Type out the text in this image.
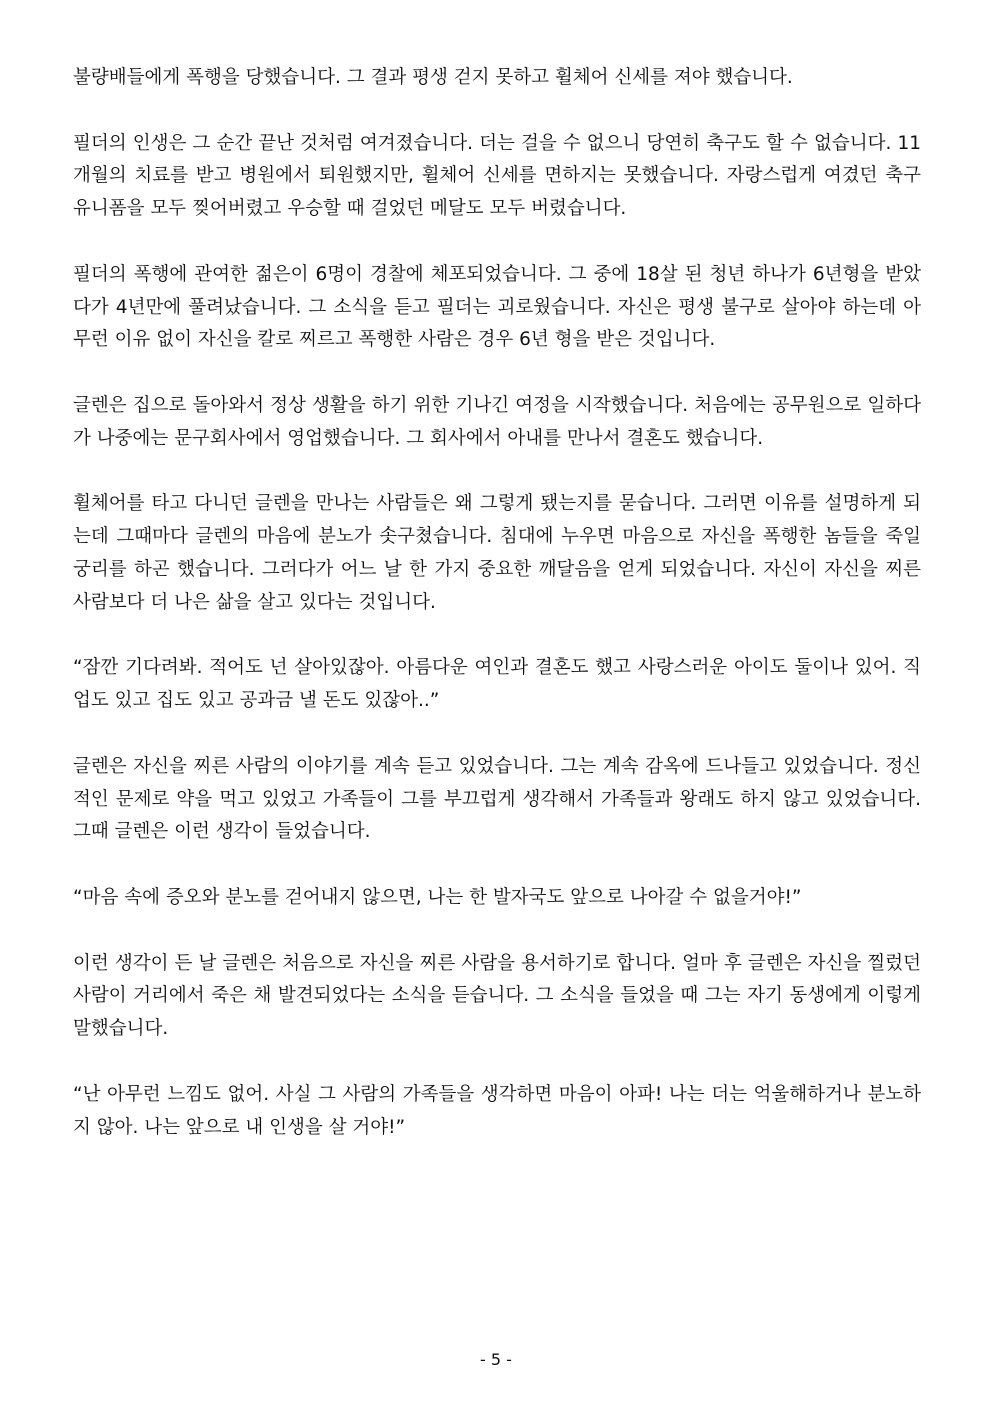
불량배들에게 폭행을 당했습니다. 그 결과 평생 걷지 못하고 휠체어 신세를 져야 했습니다.

필더의 인생은 그 순간 끝난 것처럼 여겨졌습니다. 더는 걸을 수 없으니 당연히 축구도 할 수 없습니다. 11개월의 치료를 받고 병원에서 퇴원했지만, 휠체어 신세를 면하지는 못했습니다. 자랑스럽게 여겼던 축구 유니폼을 모두 찢어버렸고 우승할 때 걸었던 메달도 모두 버렸습니다.

필더의 폭행에 관여한 젊은이 6명이 경찰에 체포되었습니다. 그 중에 18살 된 청년 하나가 6년형을 받았다가 4년만에 풀려났습니다. 그 소식을 듣고 필더는 괴로웠습니다. 자신은 평생 불구로 살아야 하는데 아무런 이유 없이 자신을 칼로 찌르고 폭행한 사람은 경우 6년 형을 받은 것입니다.

글렌은 집으로 돌아와서 정상 생활을 하기 위한 기나긴 여정을 시작했습니다. 처음에는 공무원으로 일하다가 나중에는 문구회사에서 영업했습니다. 그 회사에서 아내를 만나서 결혼도 했습니다.

휠체어를 타고 다니던 글렌을 만나는 사람들은 왜 그렇게 됐는지를 묻습니다. 그러면 이유를 설명하게 되는데 그때마다 글렌의 마음에 분노가 솟구쳤습니다. 침대에 누우면 마음으로 자신을 폭행한 놈들을 죽일 궁리를 하곤 했습니다. 그러다가 어느 날 한 가지 중요한 깨달음을 얻게 되었습니다. 자신이 자신을 찌른 사람보다 더 나은 삶을 살고 있다는 것입니다.

“잠깐 기다려봐. 적어도 넌 살아있잖아. 아름다운 여인과 결혼도 했고 사랑스러운 아이도 둘이나 있어. 직업도 있고 집도 있고 공과금 낼 돈도 있잖아..”

글렌은 자신을 찌른 사람의 이야기를 계속 듣고 있었습니다. 그는 계속 감옥에 드나들고 있었습니다. 정신적인 문제로 약을 먹고 있었고 가족들이 그를 부끄럽게 생각해서 가족들과 왕래도 하지 않고 있었습니다. 그때 글렌은 이런 생각이 들었습니다.

“마음 속에 증오와 분노를 걷어내지 않으면, 나는 한 발자국도 앞으로 나아갈 수 없을거야!”

이런 생각이 든 날 글렌은 처음으로 자신을 찌른 사람을 용서하기로 합니다. 얼마 후 글렌은 자신을 찔렀던 사람이 거리에서 죽은 채 발견되었다는 소식을 듣습니다. 그 소식을 들었을 때 그는 자기 동생에게 이렇게 말했습니다.

“난 아무런 느낌도 없어. 사실 그 사람의 가족들을 생각하면 마음이 아파! 나는 더는 억울해하거나 분노하지 않아. 나는 앞으로 내 인생을 살 거야!”

- 5 -
